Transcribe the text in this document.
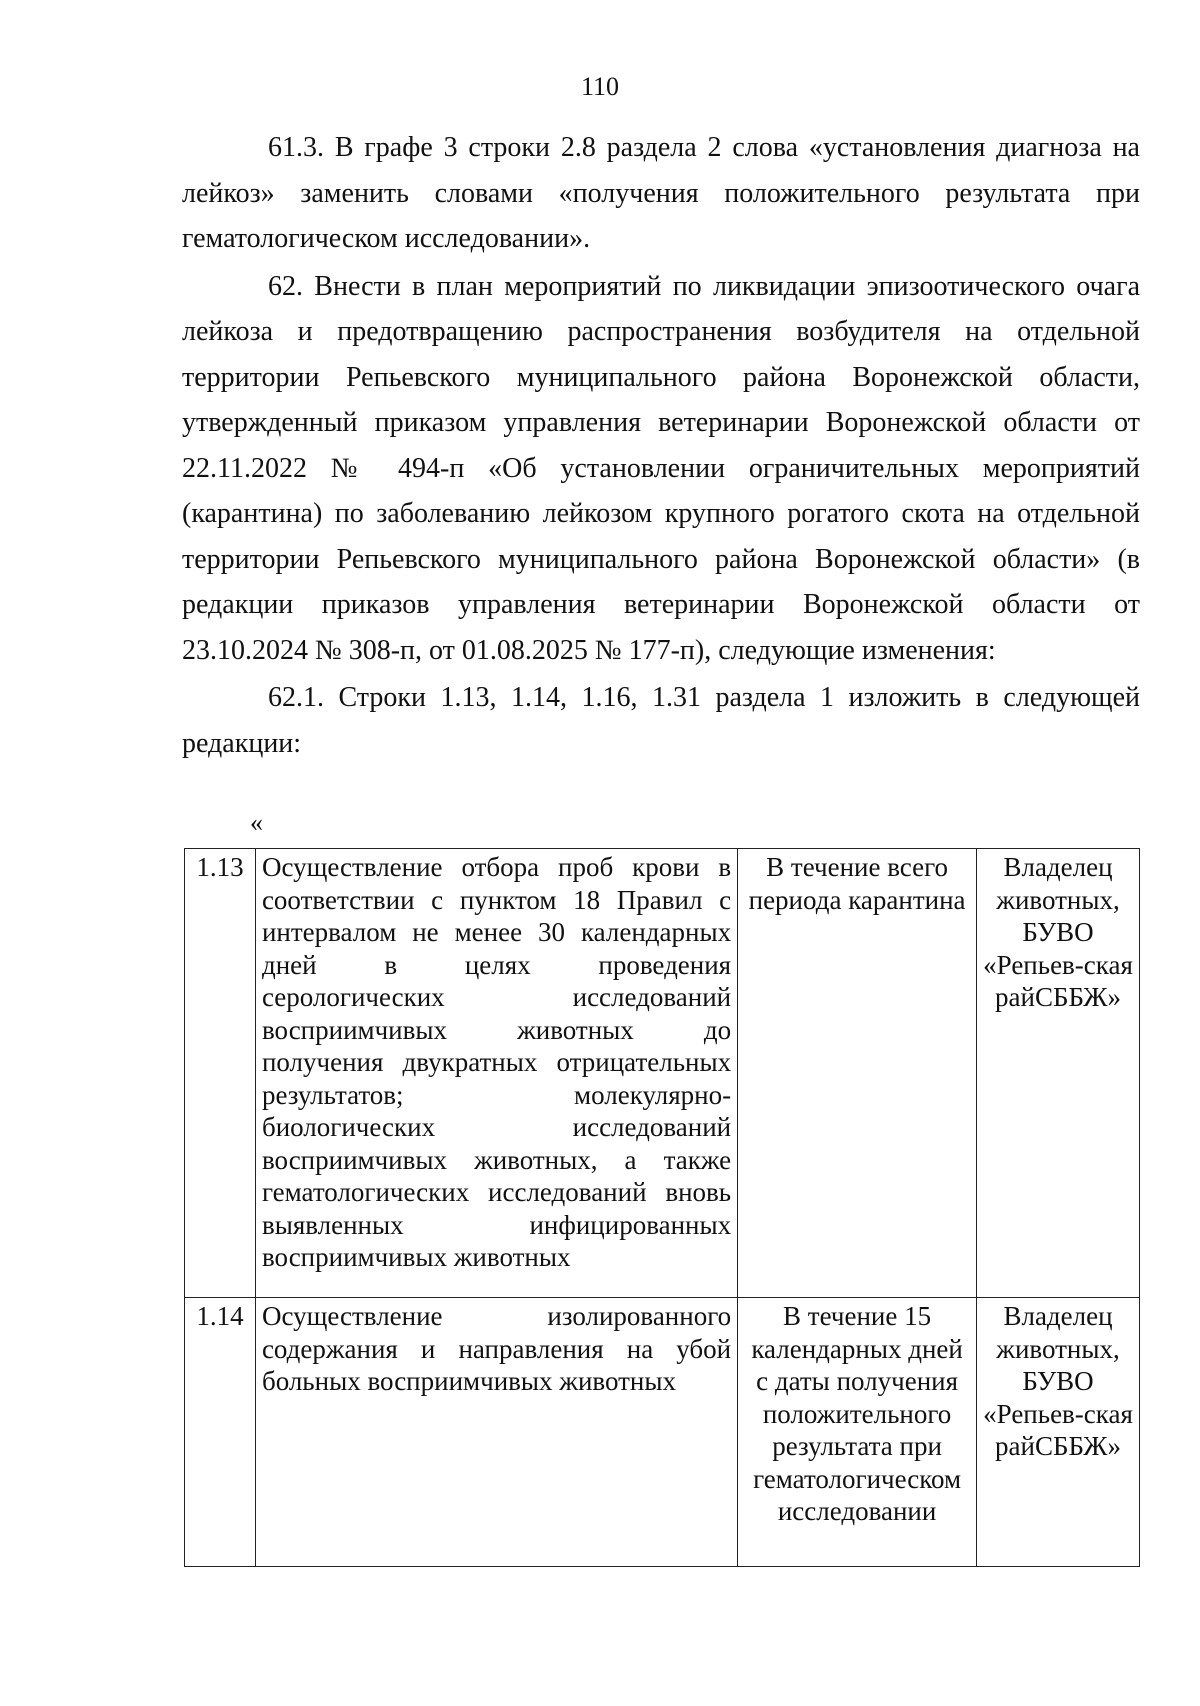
110

61.3. В графе 3 строки 2.8 раздела 2 слова «установления диагноза на лейкоз» заменить словами «получения положительного результата при гематологическом исследовании».

62. Внести в план мероприятий по ликвидации эпизоотического очага лейкоза и предотвращению распространения возбудителя на отдельной территории Репьевского муниципального района Воронежской области, утвержденный приказом управления ветеринарии Воронежской области от 22.11.2022 № 494-п «Об установлении ограничительных мероприятий (карантина) по заболеванию лейкозом крупного рогатого скота на отдельной территории Репьевского муниципального района Воронежской области» (в редакции приказов управления ветеринарии Воронежской области от 23.10.2024 № 308-п, от 01.08.2025 № 177-п), следующие изменения:

62.1. Строки 1.13, 1.14, 1.16, 1.31 раздела 1 изложить в следующей редакции:

«
1.13	Осуществление отбора проб крови в соответствии с пунктом 18 Правил с интервалом не менее 30 календарных дней в целях проведения серологических исследований восприимчивых животных до получения двукратных отрицательных результатов; молекулярно-биологических исследований восприимчивых животных, а также гематологических исследований вновь выявленных инфицированных восприимчивых животных	В течение всего периода карантина	Владелец животных, БУВО «Репьев-ская райСББЖ»
1.14	Осуществление изолированного содержания и направления на убой больных восприимчивых животных	В течение 15 календарных дней с даты получения положительного результата при гематологическом исследовании	Владелец животных, БУВО «Репьев-ская райСББЖ»
